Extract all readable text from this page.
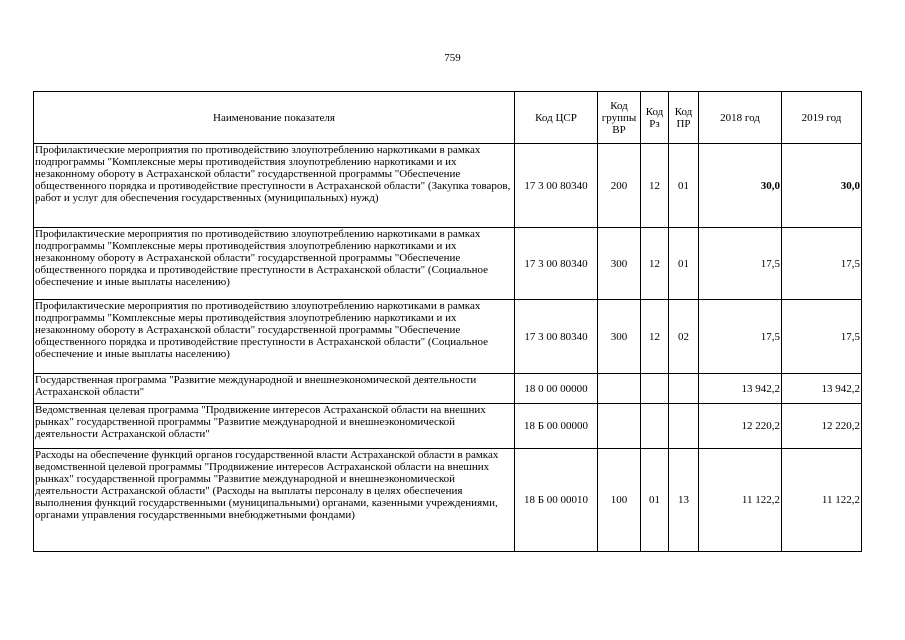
759
Наименование показателя	Код ЦСР	Код группы ВР	Код Рз	Код ПР	2018 год	2019 год
Профилактические мероприятия по противодействию злоупотреблению наркотиками в рамках подпрограммы "Комплексные меры противодействия злоупотреблению наркотиками и их незаконному обороту в Астраханской области" государственной программы "Обеспечение общественного порядка и противодействие преступности в Астраханской области" (Закупка товаров, работ и услуг для обеспечения государственных (муниципальных) нужд)	17 3 00 80340	200	12	01	30,0	30,0
Профилактические мероприятия по противодействию злоупотреблению наркотиками в рамках подпрограммы "Комплексные меры противодействия злоупотреблению наркотиками и их незаконному обороту в Астраханской области" государственной программы "Обеспечение общественного порядка и противодействие преступности в Астраханской области" (Социальное обеспечение и иные выплаты населению)	17 3 00 80340	300	12	01	17,5	17,5
Профилактические мероприятия по противодействию злоупотреблению наркотиками в рамках подпрограммы "Комплексные меры противодействия злоупотреблению наркотиками и их незаконному обороту в Астраханской области" государственной программы "Обеспечение общественного порядка и противодействие преступности в Астраханской области" (Социальное обеспечение и иные выплаты населению)	17 3 00 80340	300	12	02	17,5	17,5
Государственная программа "Развитие международной и внешнеэкономической деятельности Астраханской области"	18 0 00 00000				13 942,2	13 942,2
Ведомственная целевая программа "Продвижение интересов Астраханской области на внешних рынках" государственной программы "Развитие международной и внешнеэкономической деятельности Астраханской области"	18 Б 00 00000				12 220,2	12 220,2
Расходы на обеспечение функций органов государственной власти Астраханской области в рамках ведомственной целевой программы "Продвижение интересов Астраханской области на внешних рынках" государственной программы "Развитие международной и внешнеэкономической деятельности Астраханской области" (Расходы на выплаты персоналу в целях обеспечения выполнения функций государственными (муниципальными) органами, казенными учреждениями, органами управления государственными внебюджетными фондами)	18 Б 00 00010	100	01	13	11 122,2	11 122,2
